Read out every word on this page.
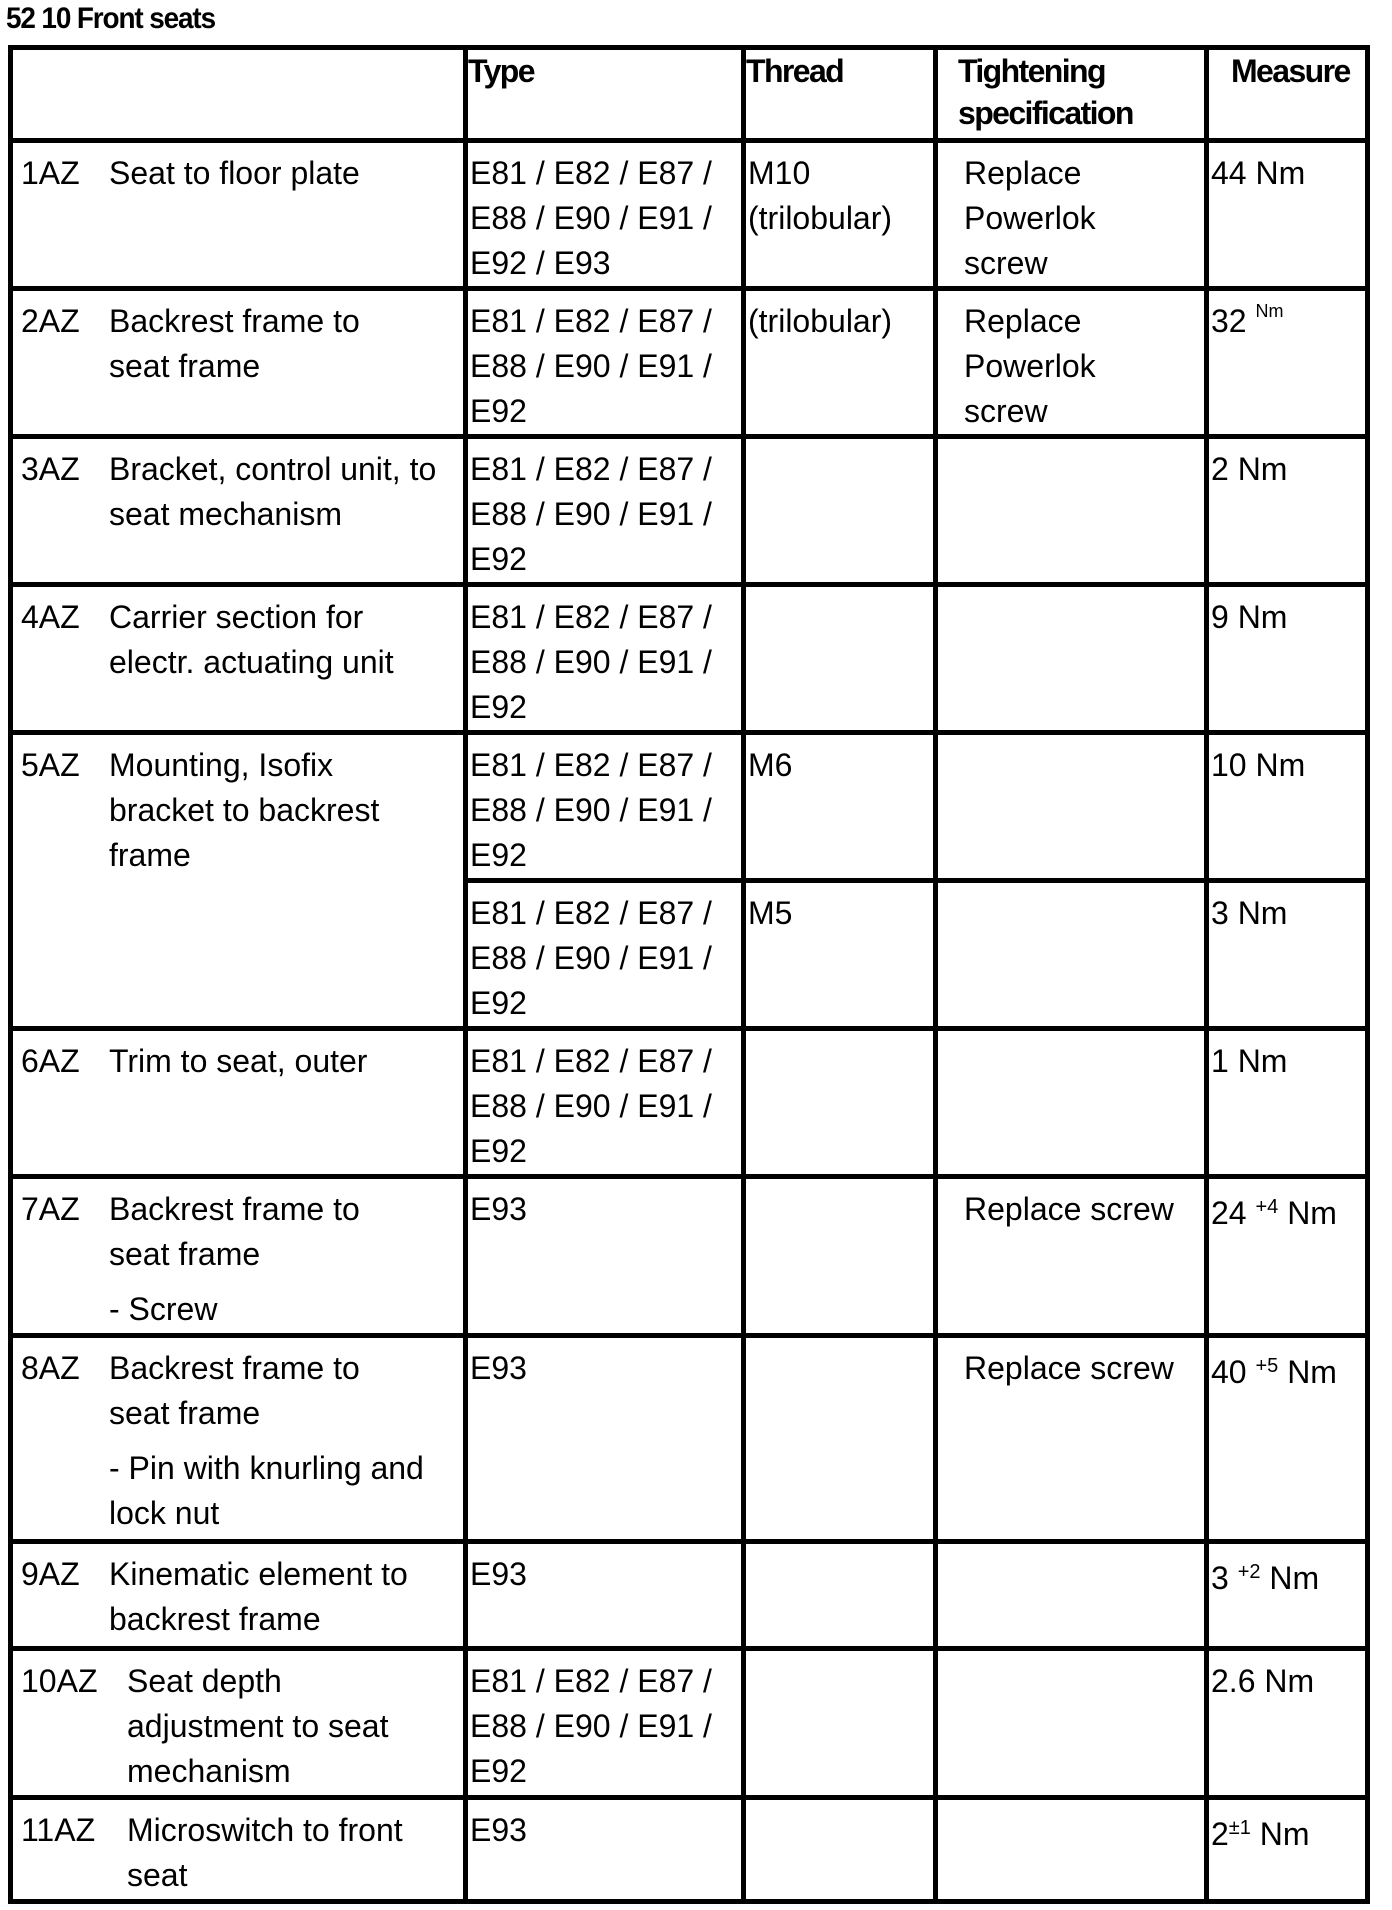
52 10 Front seats
	Type	Thread	Tightening specification	Measure

1AZ Seat to floor plate	E81 / E82 / E87 / E88 / E90 / E91 / E92 / E93	M10 (trilobular)	Replace Powerlok screw	44 Nm

2AZ Backrest frame to seat frame	E81 / E82 / E87 / E88 / E90 / E91 / E92	(trilobular)	Replace Powerlok screw	32 $^{Nm}$

3AZ Bracket, control unit, to seat mechanism	E81 / E82 / E87 / E88 / E90 / E91 / E92			2 Nm

4AZ Carrier section for electr. actuating unit	E81 / E82 / E87 / E88 / E90 / E91 / E92			9 Nm

5AZ Mounting, Isofix bracket to backrest frame	E81 / E82 / E87 / E88 / E90 / E91 / E92	M6		10 Nm

	E81 / E82 / E87 / E88 / E90 / E91 / E92	M5		3 Nm

6AZ Trim to seat, outer	E81 / E82 / E87 / E88 / E90 / E91 / E92			1 Nm

7AZ Backrest frame to seat frame
- Screw	E93		Replace screw	24 $^{+4}$ Nm

8AZ Backrest frame to seat frame
- Pin with knurling and lock nut	E93		Replace screw	40 $^{+5}$ Nm

9AZ Kinematic element to backrest frame	E93			3 $^{+2}$ Nm

10AZ Seat depth adjustment to seat mechanism	E81 / E82 / E87 / E88 / E90 / E91 / E92			2.6 Nm

11AZ Microswitch to front seat	E93			$2^{\pm 1}$ Nm
